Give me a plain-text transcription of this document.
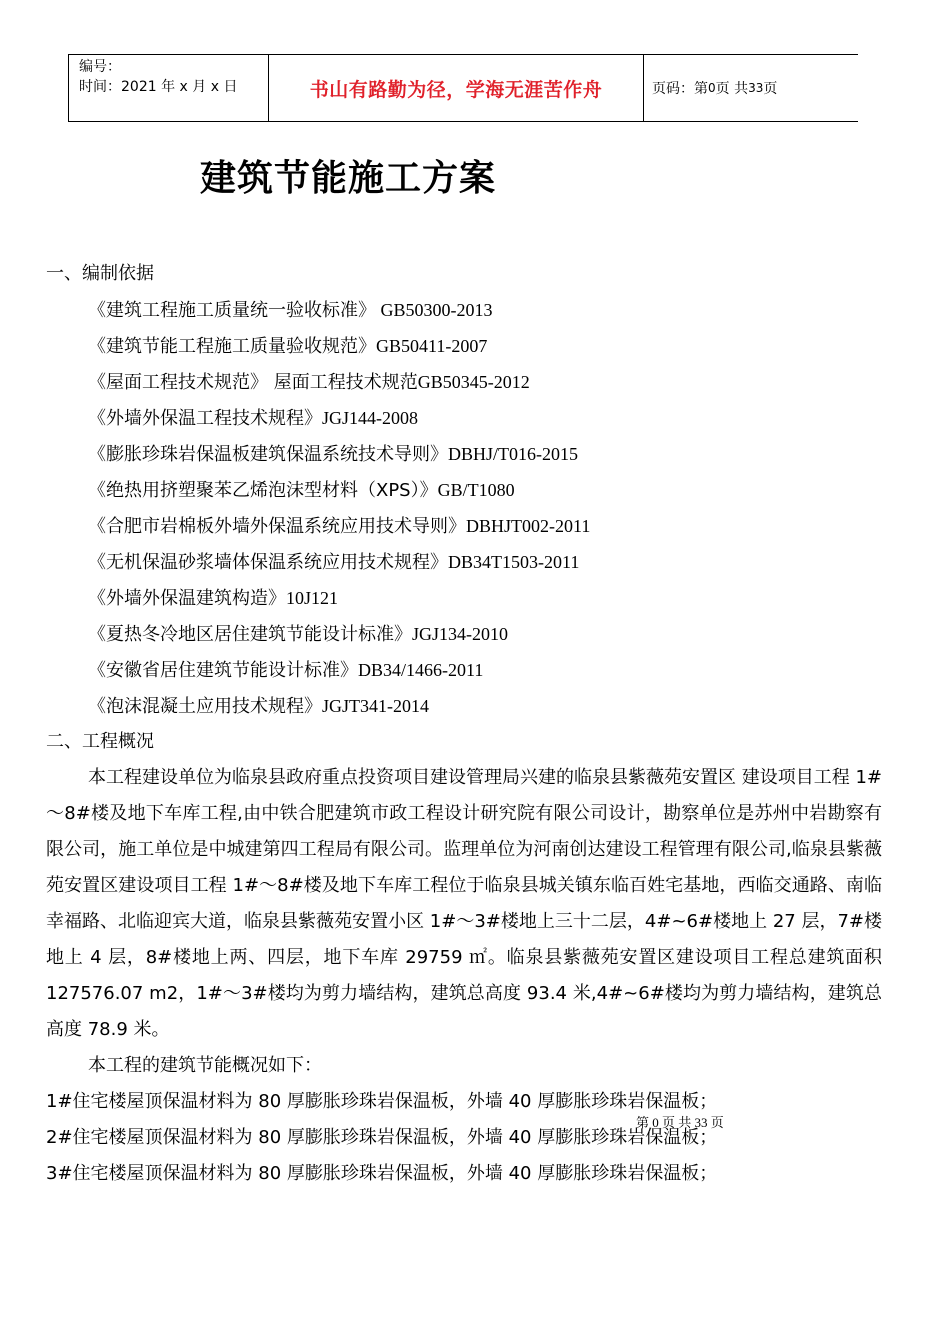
编号：
时间：2021 年 x 月 x 日	书山有路勤为径，学海无涯苦作舟	页码：第 0 页 共 33 页
建筑节能施工方案
一、编制依据
《建筑工程施工质量统一验收标准》 GB50300-2013
《建筑节能工程施工质量验收规范》GB50411-2007
《屋面工程技术规范》 屋面工程技术规范GB50345-2012
《外墙外保温工程技术规程》JGJ144-2008
《膨胀珍珠岩保温板建筑保温系统技术导则》DBHJ/T016-2015
《绝热用挤塑聚苯乙烯泡沫型材料（XPS）》GB/T1080
《合肥市岩棉板外墙外保温系统应用技术导则》DBHJT002-2011
《无机保温砂浆墙体保温系统应用技术规程》DB34T1503-2011
《外墙外保温建筑构造》10J121
《夏热冬冷地区居住建筑节能设计标准》JGJ134-2010
《安徽省居住建筑节能设计标准》DB34/1466-2011
《泡沫混凝土应用技术规程》JGJT341-2014
二、工程概况

本工程建设单位为临泉县政府重点投资项目建设管理局兴建的临泉县紫薇苑安置区 建设项目工程 1#～8#楼及地下车库工程,由中铁合肥建筑市政工程设计研究院有限公司设计，勘察单位是苏州中岩勘察有限公司，施工单位是中城建第四工程局有限公司。监理单位为河南创达建设工程管理有限公司,临泉县紫薇苑安置区建设项目工程 1#～8#楼及地下车库工程位于临泉县城关镇东临百姓宅基地，西临交通路、南临幸福路、北临迎宾大道，临泉县紫薇苑安置小区 1#～3#楼地上三十二层，4#~6#楼地上 27 层，7#楼地上 4 层，8#楼地上两、四层，地下车库 29759 ㎡。临泉县紫薇苑安置区建设项目工程总建筑面积 127576.07 m2，1#～3#楼均为剪力墙结构，建筑总高度 93.4 米,4#~6#楼均为剪力墙结构，建筑总高度 78.9 米。

本工程的建筑节能概况如下：
1#住宅楼屋顶保温材料为 80 厚膨胀珍珠岩保温板，外墙 40 厚膨胀珍珠岩保温板；
2#住宅楼屋顶保温材料为 80 厚膨胀珍珠岩保温板，外墙 40 厚膨胀珍珠岩保温板；
3#住宅楼屋顶保温材料为 80 厚膨胀珍珠岩保温板，外墙 40 厚膨胀珍珠岩保温板；
第 0 页 共 33 页
